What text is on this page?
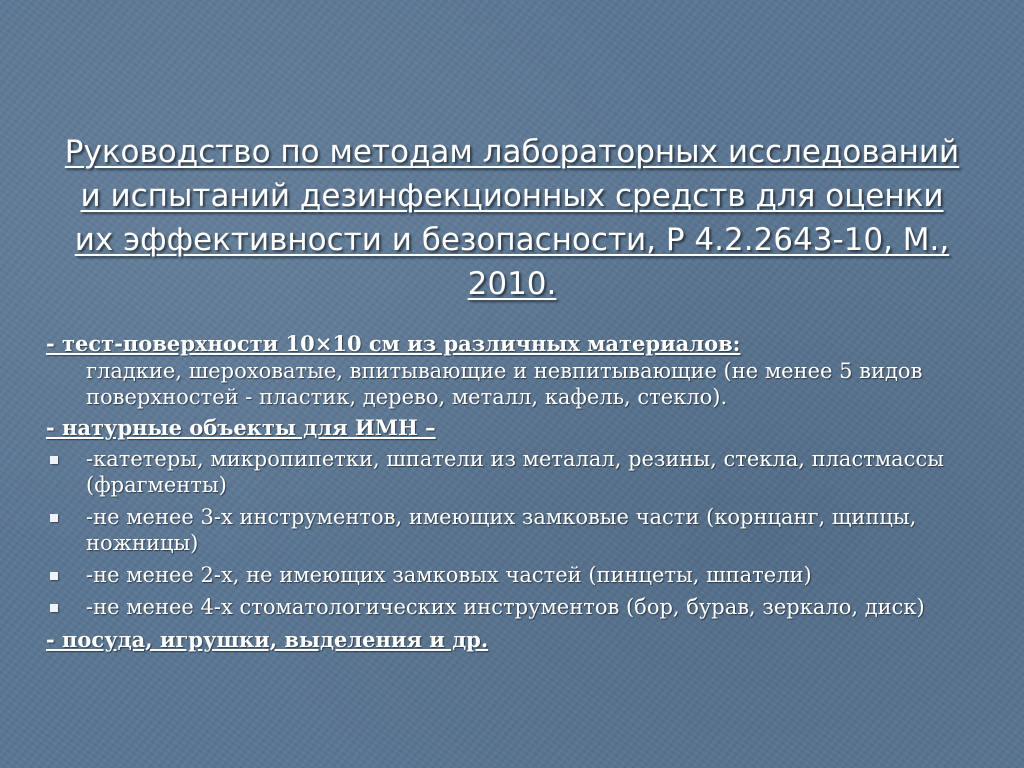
Руководство по методам лабораторных исследований и испытаний дезинфекционных средств для оценки их эффективности и безопасности, Р 4.2.2643-10, М., 2010.

- тест-поверхности 10×10 см из различных материалов:

гладкие, шероховатые, впитывающие и невпитывающие (не менее 5 видов поверхностей - пластик, дерево, металл, кафель, стекло).

- натурные объекты для ИМН –

-катетеры, микропипетки, шпатели из металал, резины, стекла, пластмассы (фрагменты)
-не менее 3-х инструментов, имеющих замковые части (корнцанг, щипцы, ножницы)
-не менее 2-х, не имеющих замковых частей (пинцеты, шпатели)
-не менее 4-х стоматологических инструментов (бор, бурав, зеркало, диск)

- посуда, игрушки, выделения и др.
